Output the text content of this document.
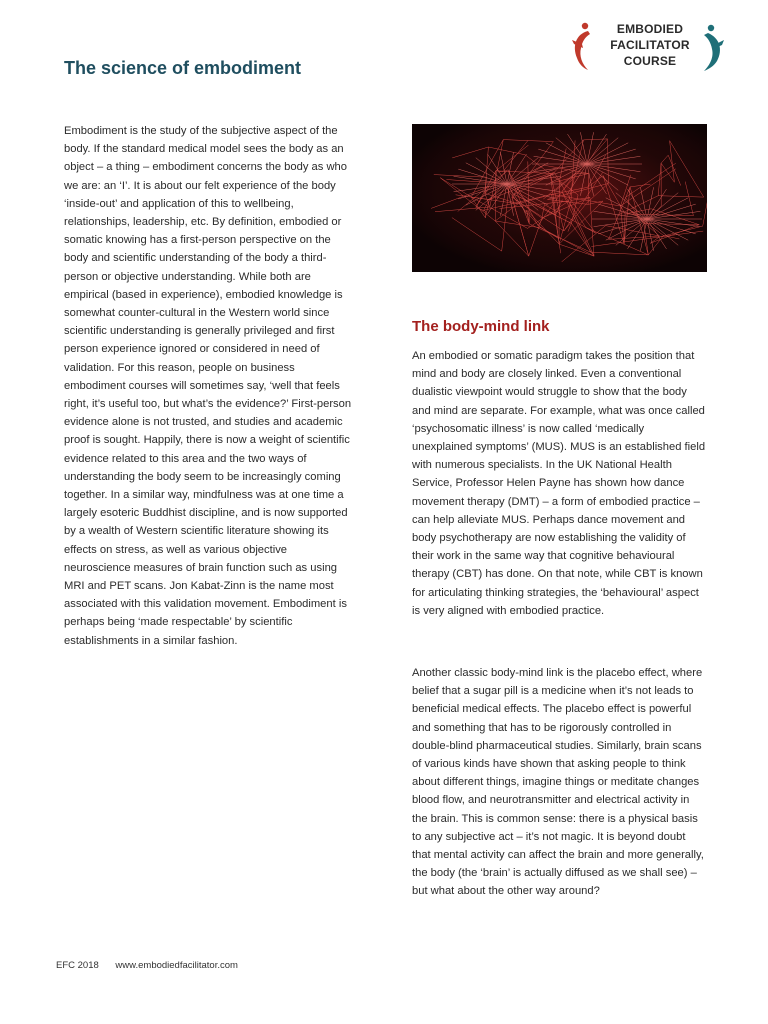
The science of embodiment
EMBODIED
FACILITATOR
COURSE

Embodiment is the study of the subjective aspect of the body. If the standard medical model sees the body as an object – a thing – embodiment concerns the body as who we are: an ‘I’. It is about our felt experience of the body ‘inside-out’ and application of this to wellbeing, relationships, leadership, etc. By definition, embodied or somatic knowing has a first-person perspective on the body and scientific understanding of the body a third-person or objective understanding. While both are empirical (based in experience), embodied knowledge is somewhat counter-cultural in the Western world since scientific understanding is generally privileged and first person experience ignored or considered in need of validation. For this reason, people on business embodiment courses will sometimes say, ‘well that feels right, it’s useful too, but what’s the evidence?’ First-person evidence alone is not trusted, and studies and academic proof is sought. Happily, there is now a weight of scientific evidence related to this area and the two ways of understanding the body seem to be increasingly coming together. In a similar way, mindfulness was at one time a largely esoteric Buddhist discipline, and is now supported by a wealth of Western scientific literature showing its effects on stress, as well as various objective neuroscience measures of brain function such as using MRI and PET scans. Jon Kabat-Zinn is the name most associated with this validation movement. Embodiment is perhaps being ‘made respectable’ by scientific establishments in a similar fashion.

The body-mind link

An embodied or somatic paradigm takes the position that mind and body are closely linked. Even a conventional dualistic viewpoint would struggle to show that the body and mind are separate. For example, what was once called ‘psychosomatic illness’ is now called ‘medically unexplained symptoms’ (MUS). MUS is an established field with numerous specialists. In the UK National Health Service, Professor Helen Payne has shown how dance movement therapy (DMT) – a form of embodied practice – can help alleviate MUS. Perhaps dance movement and body psychotherapy are now establishing the validity of their work in the same way that cognitive behavioural therapy (CBT) has done. On that note, while CBT is known for articulating thinking strategies, the ‘behavioural’ aspect is very aligned with embodied practice.

Another classic body-mind link is the placebo effect, where belief that a sugar pill is a medicine when it’s not leads to beneficial medical effects. The placebo effect is powerful and something that has to be rigorously controlled in double-blind pharmaceutical studies. Similarly, brain scans of various kinds have shown that asking people to think about different things, imagine things or meditate changes blood flow, and neurotransmitter and electrical activity in the brain. This is common sense: there is a physical basis to any subjective act – it’s not magic. It is beyond doubt that mental activity can affect the brain and more generally, the body (the ‘brain’ is actually diffused as we shall see) – but what about the other way around?

EFC 2018 www.embodiedfacilitator.com
